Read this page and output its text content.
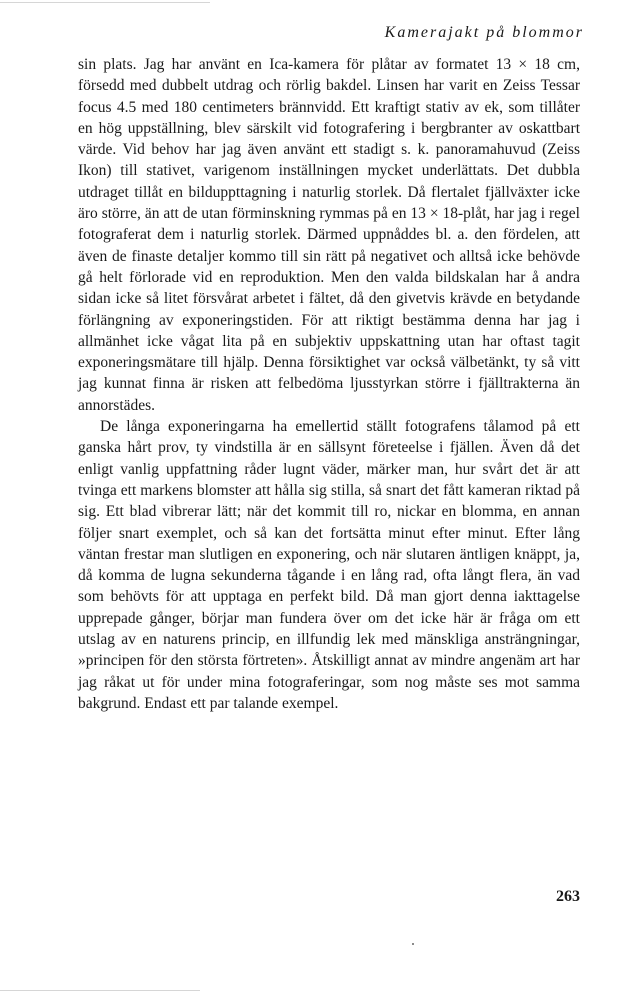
Kamerajakt på blommor

sin plats. Jag har använt en Ica-kamera för plåtar av formatet 13 × 18 cm, försedd med dubbelt utdrag och rörlig bakdel. Linsen har varit en Zeiss Tessar focus 4.5 med 180 centimeters brännvidd. Ett kraftigt stativ av ek, som tillåter en hög uppställning, blev särskilt vid fotografering i bergbranter av oskattbart värde. Vid behov har jag även använt ett stadigt s. k. panoramahuvud (Zeiss Ikon) till stativet, varigenom inställningen mycket underlättats. Det dubbla utdraget tillåt en bilduppttagning i naturlig storlek. Då flertalet fjällväxter icke äro större, än att de utan förminskning rymmas på en 13 × 18-plåt, har jag i regel fotograferat dem i naturlig storlek. Därmed uppnåddes bl. a. den fördelen, att även de finaste detaljer kommo till sin rätt på negativet och alltså icke behövde gå helt förlorade vid en reproduktion. Men den valda bildskalan har å andra sidan icke så litet försvårat arbetet i fältet, då den givetvis krävde en betydande förlängning av exponeringstiden. För att riktigt bestämma denna har jag i allmänhet icke vågat lita på en subjektiv uppskattning utan har oftast tagit exponeringsmätare till hjälp. Denna försiktighet var också välbetänkt, ty så vitt jag kunnat finna är risken att felbedöma ljusstyrkan större i fjälltrakterna än annorstädes.

De långa exponeringarna ha emellertid ställt fotografens tålamod på ett ganska hårt prov, ty vindstilla är en sällsynt företeelse i fjällen. Även då det enligt vanlig uppfattning råder lugnt väder, märker man, hur svårt det är att tvinga ett markens blomster att hålla sig stilla, så snart det fått kameran riktad på sig. Ett blad vibrerar lätt; när det kommit till ro, nickar en blomma, en annan följer snart exemplet, och så kan det fortsätta minut efter minut. Efter lång väntan frestar man slutligen en exponering, och när slutaren äntligen knäppt, ja, då komma de lugna sekunderna tågande i en lång rad, ofta långt flera, än vad som behövts för att upptaga en perfekt bild. Då man gjort denna iakttagelse upprepade gånger, börjar man fundera över om det icke här är fråga om ett utslag av en naturens princip, en illfundig lek med mänskliga ansträngningar, »principen för den största förtreten». Åtskilligt annat av mindre angenäm art har jag råkat ut för under mina fotograferingar, som nog måste ses mot samma bakgrund. Endast ett par talande exempel.

263
